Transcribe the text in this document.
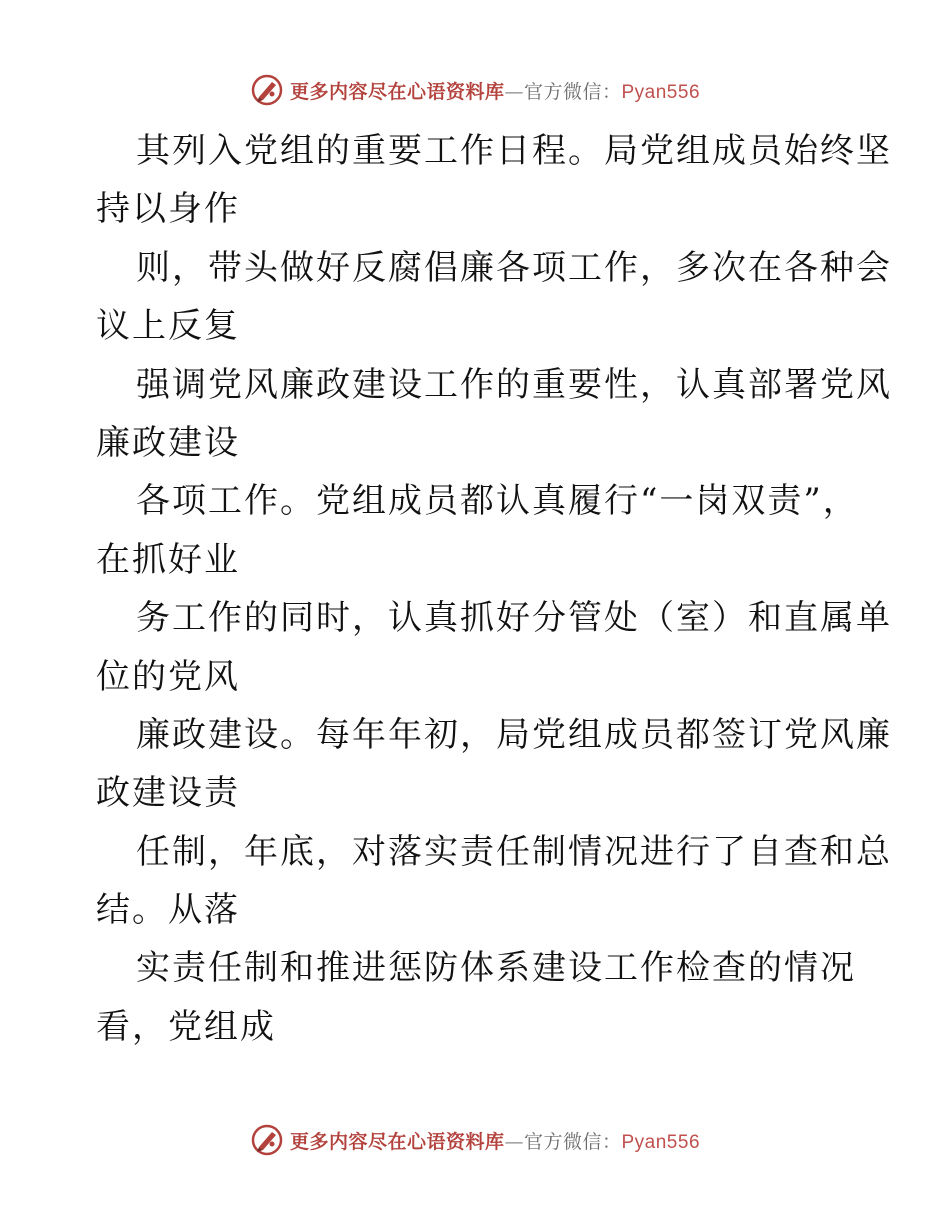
更多内容尽在心语资料库—官方微信：Pyan556
其列入党组的重要工作日程。局党组成员始终坚
持以身作
则，带头做好反腐倡廉各项工作，多次在各种会
议上反复
强调党风廉政建设工作的重要性，认真部署党风
廉政建设
各项工作。党组成员都认真履行“一岗双责”，
在抓好业
务工作的同时，认真抓好分管处（室）和直属单
位的党风
廉政建设。每年年初，局党组成员都签订党风廉
政建设责
任制，年底，对落实责任制情况进行了自查和总
结。从落
实责任制和推进惩防体系建设工作检查的情况
看，党组成
更多内容尽在心语资料库—官方微信：Pyan556
